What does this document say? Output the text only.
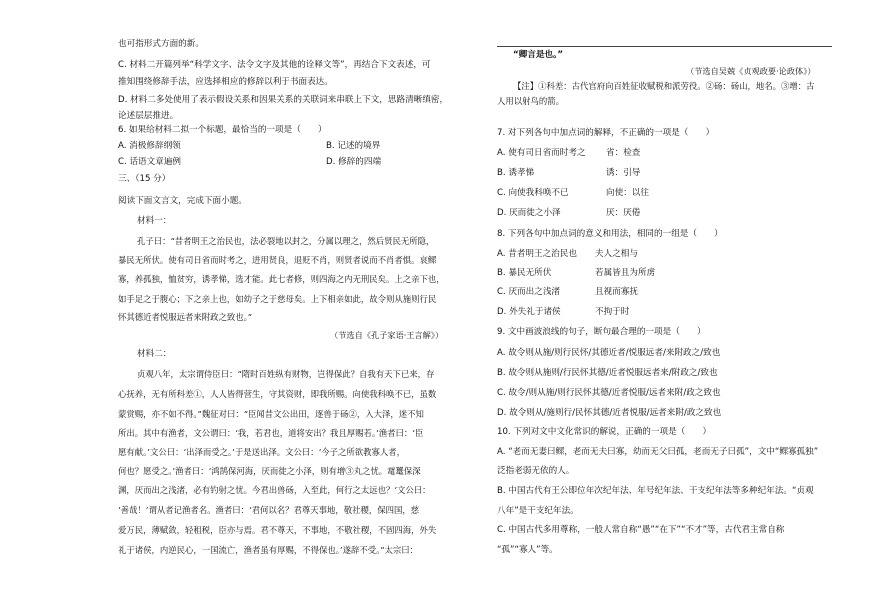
也可指形式方面的新。
C. 材料二开篇列举“科学文字、法令文字及其他的诠释文等”，再结合下文表述，可
推知围绕修辞手法，应选择相应的修辞以利于书面表达。
D. 材料二多处使用了表示假设关系和因果关系的关联词来串联上下文，思路清晰缜密，
论述层层推进。
6. 如果给材料二拟一个标题，最恰当的一项是（　　）
A. 消极修辞纲领	B. 记述的境界
C. 话语文章遍例	D. 修辞的四端
三、（15 分）
阅读下面文言文，完成下面小题。
材料一：
孔子曰：“昔者明王之治民也，法必裂地以封之，分属以理之，然后贤民无所隐，
暴民无所伏。使有司日省而时考之，进用贤良，退贬不肖，则贤者说而不肖者惧。哀鳏
寡，养孤独，恤贫穷，诱孝悌，选才能。此七者修，则四海之内无刑民矣。上之亲下也，
如手足之于腹心；下之亲上也，如幼子之于慈母矣。上下相亲如此，故令则从施则行民
怀其德近者悦服远者来附政之致也。”
（节选自《孔子家语·王言解》）
材料二：
贞观八年，太宗谓侍臣曰：“隋时百姓纵有财物，岂得保此？自我有天下已来，存
心抚养，无有所科差①，人人皆得营生，守其资财，即我所赐。向使我科唤不已，虽数
蒙赏赐，亦不如不得。”魏征对曰：“臣闻昔文公出田，逐兽于砀②，入大泽，迷不知
所出。其中有渔者，文公谓曰：‘我，若君也，道将安出？我且厚赐若。’渔者曰：‘臣
愿有献。’文公曰：‘出泽而受之。’于是送出泽。文公曰：‘今子之所欲教寡人者，
何也？愿受之。’渔者曰：‘鸿鹄保河海，厌而徙之小泽，则有增③丸之忧。鼋鼍保深
渊，厌而出之浅渚，必有钓射之忧。今君出兽砀，入至此，何行之太远也？’文公曰：
‘善哉！’谓从者记渔者名。渔者曰：‘君何以名？君尊天事地，敬社稷，保四国，慈
爱万民，薄赋敛，轻租税，臣亦与焉。君不尊天，不事地，不敬社稷，不固四海，外失
礼于诸侯，内逆民心，一国流亡，渔者虽有厚赐，不得保也。’遂辞不受。”太宗曰：
“卿言是也。”
（节选自吴兢《贞观政要·论政体》）
【注】①科差：古代官府向百姓征收赋税和派劳役。②砀：砀山，地名。③增：古
人用以射鸟的箭。
7. 对下列各句中加点词的解释，不正确的一项是（　　）
A. 使有司日省而时考之 省：检查
B. 诱孝悌	诱：引导
C. 向使我科唤不已	向使：以往
D. 厌而徙之小泽	厌：厌倦
8. 下列各句中加点词的意义和用法，相同的一组是（　　）
A. 昔者明王之治民也 夫人之相与
B. 暴民无所伏	若属皆且为所虏
C. 厌而出之浅渚	且视而寡抚
D. 外失礼于诸侯	不拘于时
9. 文中画波浪线的句子，断句最合理的一项是（　　）
A. 故令则从施/则行民怀/其德近者/悦服远者/来附政之/致也
B. 故令则从施则/行民怀其德/近者悦服远者来/附政之/致也
C. 故令/则从施/则行民怀其德/近者悦服/远者来附/政之致也
D. 故令则从/施则行/民怀其德/近者悦服/远者来附/政之致也
10. 下列对文中文化常识的解说，正确的一项是（　　）
A. “老而无妻曰鳏，老而无夫曰寡，幼而无父曰孤，老而无子曰孤”，文中“鳏寡孤独”
泛指老弱无依的人。
B. 中国古代有王公即位年次纪年法、年号纪年法、干支纪年法等多种纪年法。“贞观
八年”是干支纪年法。
C. 中国古代多用尊称，一般人常自称“愚”“在下”“不才”等，古代君主常自称
“孤”“寡人”等。
